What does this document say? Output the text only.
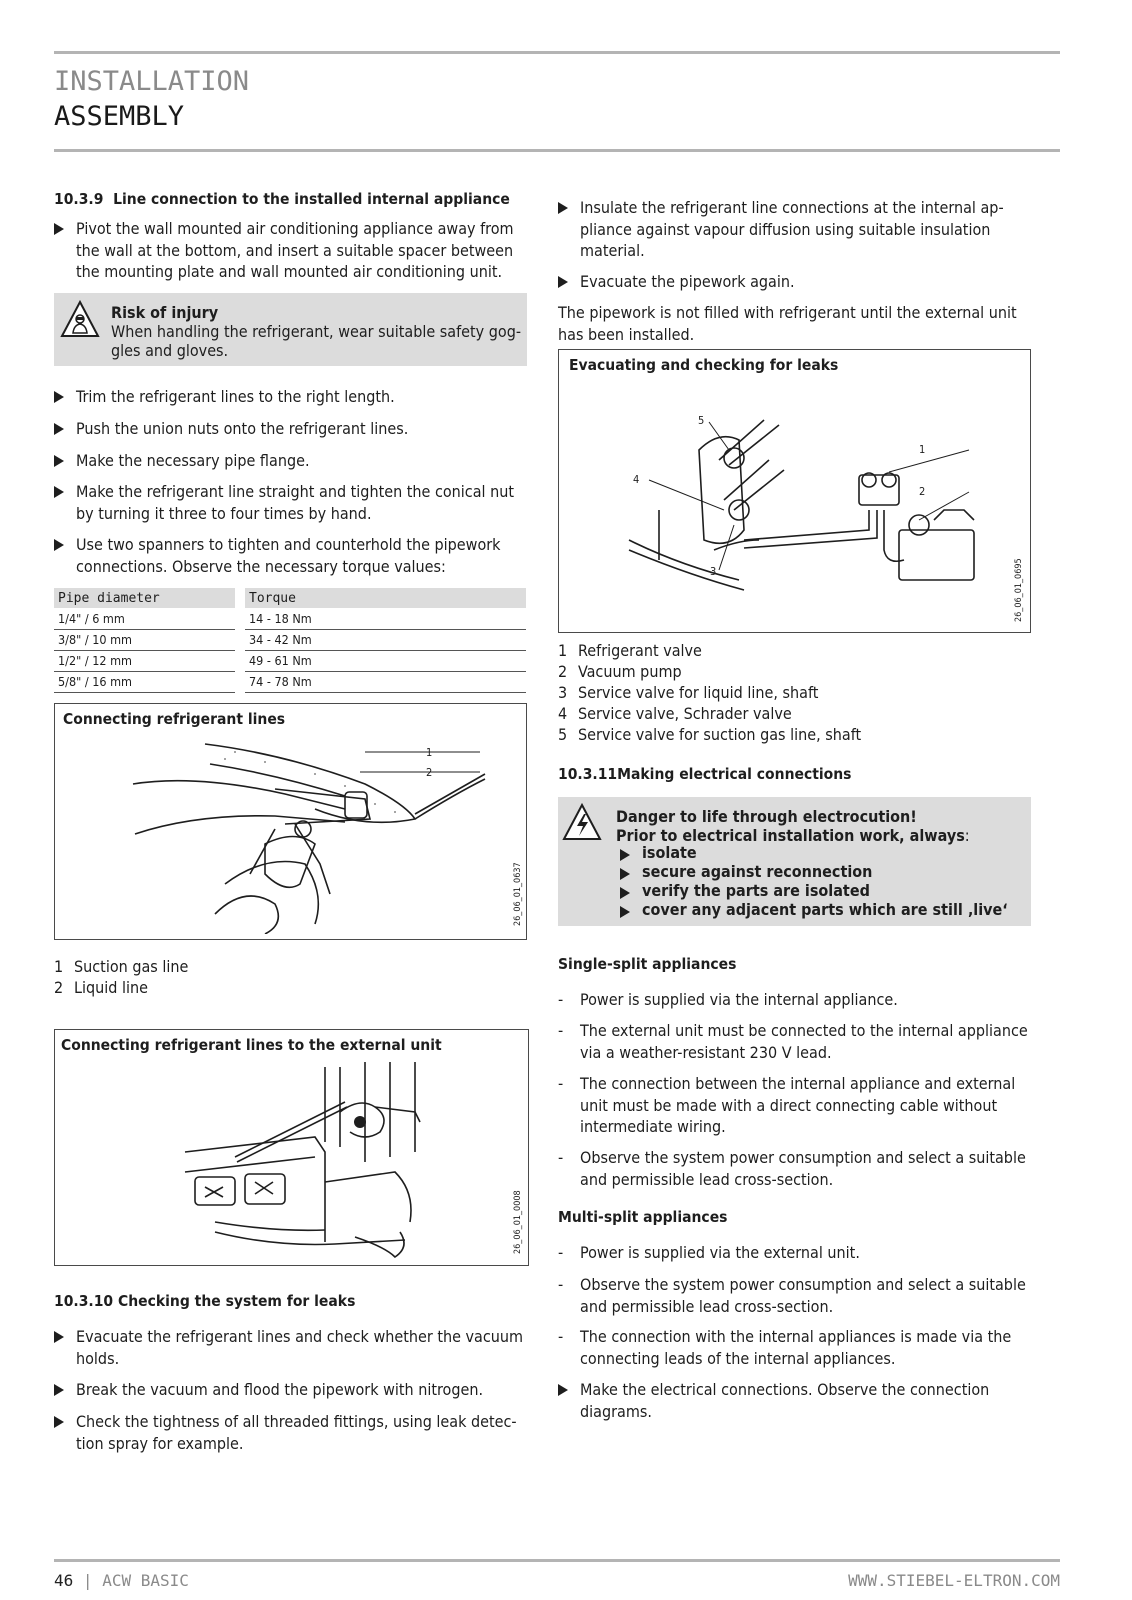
INSTALLATION
ASSEMBLY
10.3.9 Line connection to the installed internal appliance
Pivot the wall mounted air conditioning appliance away from the wall at the bottom, and insert a suitable spacer between the mounting plate and wall mounted air conditioning unit.
Risk of injury
When handling the refrigerant, wear suitable safety gog-gles and gloves.
Trim the refrigerant lines to the right length.
Push the union nuts onto the refrigerant lines.
Make the necessary pipe flange.
Make the refrigerant line straight and tighten the conical nut by turning it three to four times by hand.
Use two spanners to tighten and counterhold the pipework connections. Observe the necessary torque values:
Pipe diameter		Torque
1/4" / 6 mm		14 - 18 Nm
3/8" / 10 mm		34 - 42 Nm
1/2" / 12 mm		49 - 61 Nm
5/8" / 16 mm		74 - 78 Nm
Connecting refrigerant lines
1
2
26_06_01_0637
1 Suction gas line
2 Liquid line
Connecting refrigerant lines to the external unit
26_06_01_0008
10.3.10 Checking the system for leaks
Evacuate the refrigerant lines and check whether the vacuum holds.
Break the vacuum and flood the pipework with nitrogen.
Check the tightness of all threaded fittings, using leak detec-tion spray for example.
Insulate the refrigerant line connections at the internal ap-pliance against vapour diffusion using suitable insulation material.
Evacuate the pipework again.
The pipework is not filled with refrigerant until the external unit has been installed.
Evacuating and checking for leaks
5
4
3
1
2
26_06_01_0695
1 Refrigerant valve
2 Vacuum pump
3 Service valve for liquid line, shaft
4 Service valve, Schrader valve
5 Service valve for suction gas line, shaft
10.3.11Making electrical connections
Danger to life through electrocution!
Prior to electrical installation work, always:
isolate
secure against reconnection
verify the parts are isolated
cover any adjacent parts which are still ‚live‘
Single-split appliances
-	Power is supplied via the internal appliance.
-	The external unit must be connected to the internal appliance via a weather-resistant 230 V lead.
-	The connection between the internal appliance and external unit must be made with a direct connecting cable without intermediate wiring.
-	Observe the system power consumption and select a suitable and permissible lead cross-section.
Multi-split appliances
-	Power is supplied via the external unit.
-	Observe the system power consumption and select a suitable and permissible lead cross-section.
-	The connection with the internal appliances is made via the connecting leads of the internal appliances.
Make the electrical connections. Observe the connection diagrams.
46 | ACW BASIC	WWW.STIEBEL-ELTRON.COM
